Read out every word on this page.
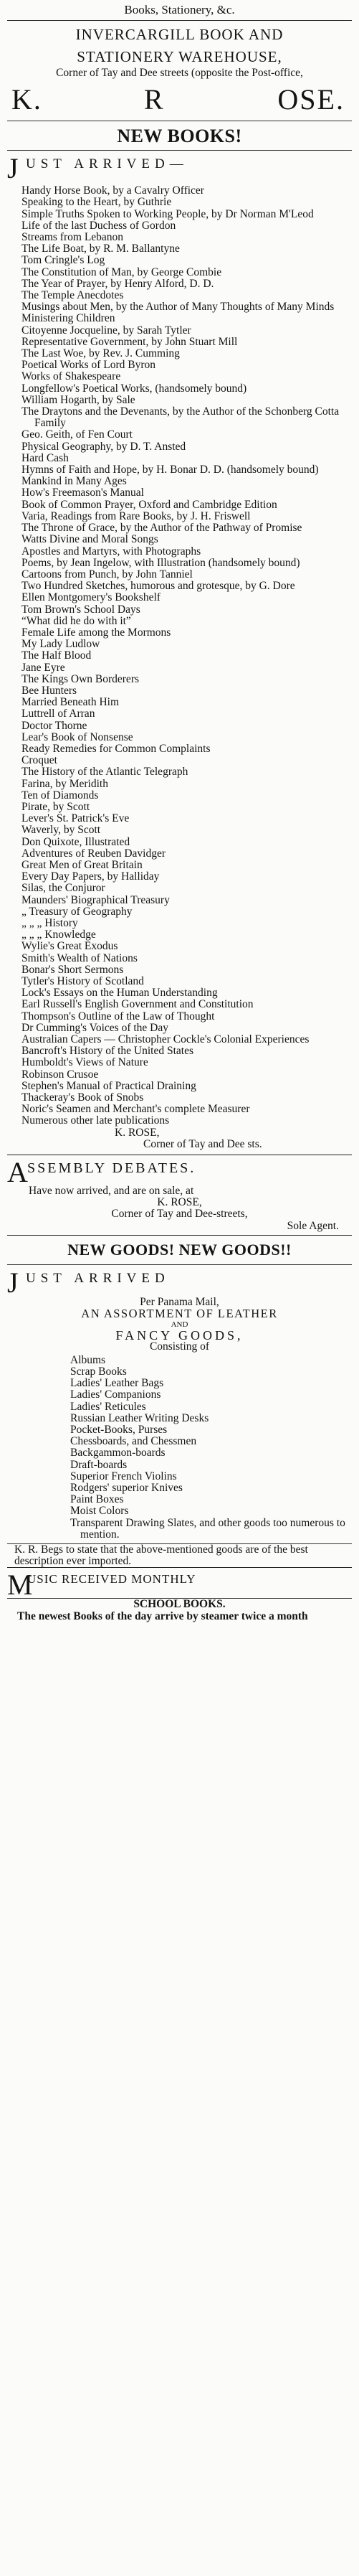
Books, Stationery, &c.
INVERCARGILL BOOK AND
STATIONERY WAREHOUSE,
Corner of Tay and Dee streets (opposite the Post-office,
K.	R	OSE.
NEW BOOKS!
J UST ARRIVED—
Handy Horse Book, by a Cavalry Officer
Speaking to the Heart, by Guthrie
Simple Truths Spoken to Working People, by Dr Norman M'Leod
Life of the last Duchess of Gordon
Streams from Lebanon
The Life Boat, by R. M. Ballantyne
Tom Cringle's Log
The Constitution of Man, by George Combie
The Year of Prayer, by Henry Alford, D. D.
The Temple Anecdotes
Musings about Men, by the Author of Many Thoughts of Many Minds
Ministering Children
Citoyenne Jocqueline, by Sarah Tytler
Representative Government, by John Stuart Mill
The Last Woe, by Rev. J. Cumming
Poetical Works of Lord Byron
Works of Shakespeare
Longfellow's Poetical Works, (handsomely bound)
William Hogarth, by Sale
The Draytons and the Devenants, by the Author of the Schonberg Cotta Family
Geo. Geith, of Fen Court
Physical Geography, by D. T. Ansted
Hard Cash
Hymns of Faith and Hope, by H. Bonar D. D. (handsomely bound)
Mankind in Many Ages
How's Freemason's Manual
Book of Common Prayer, Oxford and Cambridge Edition
Varia, Readings from Rare Books, by J. H. Friswell
The Throne of Grace, by the Author of the Pathway of Promise
Watts Divine and Moral Songs
Apostles and Martyrs, with Photographs
Poems, by Jean Ingelow, with Illustration (handsomely bound)
Cartoons from Punch, by John Tanniel
Two Hundred Sketches, humorous and grotesque, by G. Dore
Ellen Montgomery's Bookshelf
Tom Brown's School Days
“What did he do with it”
Female Life among the Mormons
My Lady Ludlow
The Half Blood
Jane Eyre
The Kings Own Borderers
Bee Hunters
Married Beneath Him
Luttrell of Arran
Doctor Thorne
Lear's Book of Nonsense
Ready Remedies for Common Complaints
Croquet
The History of the Atlantic Telegraph
Farina, by Meridith
Ten of Diamonds
Pirate, by Scott
Lever's St. Patrick's Eve
Waverly, by Scott
Don Quixote, Illustrated
Adventures of Reuben Davidger
Great Men of Great Britain
Every Day Papers, by Halliday
Silas, the Conjuror
Maunders' Biographical Treasury
„ Treasury of Geography
„ „ „ History
„ „ „ Knowledge
Wylie's Great Exodus
Smith's Wealth of Nations
Bonar's Short Sermons
Tytler's History of Scotland
Lock's Essays on the Human Understanding
Earl Russell's English Government and Constitution
Thompson's Outline of the Law of Thought
Dr Cumming's Voices of the Day
Australian Capers — Christopher Cockle's Colonial Experiences
Bancroft's History of the United States
Humboldt's Views of Nature
Robinson Crusoe
Stephen's Manual of Practical Draining
Thackeray's Book of Snobs
Noric's Seamen and Merchant's complete Measurer
Numerous other late publications
K. ROSE,
Corner of Tay and Dee sts.
A
SSEMBLY DEBATES.
Have now arrived, and are on sale, at
K. ROSE,
Corner of Tay and Dee-streets,
Sole Agent.
NEW GOODS! NEW GOODS!!
J UST ARRIVED
Per Panama Mail,
AN ASSORTMENT OF LEATHER
AND
FANCY GOODS,
Consisting of
Albums
Scrap Books
Ladies' Leather Bags
Ladies' Companions
Ladies' Reticules
Russian Leather Writing Desks
Pocket-Books, Purses
Chessboards, and Chessmen
Backgammon-boards
Draft-boards
Superior French Violins
Rodgers' superior Knives
Paint Boxes
Moist Colors
Transparent Drawing Slates, and other goods too numerous to mention.
K. R. Begs to state that the above-mentioned goods are of the best description ever imported.
M
USIC RECEIVED MONTHLY
SCHOOL BOOKS.
The newest Books of the day arrive by steamer twice a month
